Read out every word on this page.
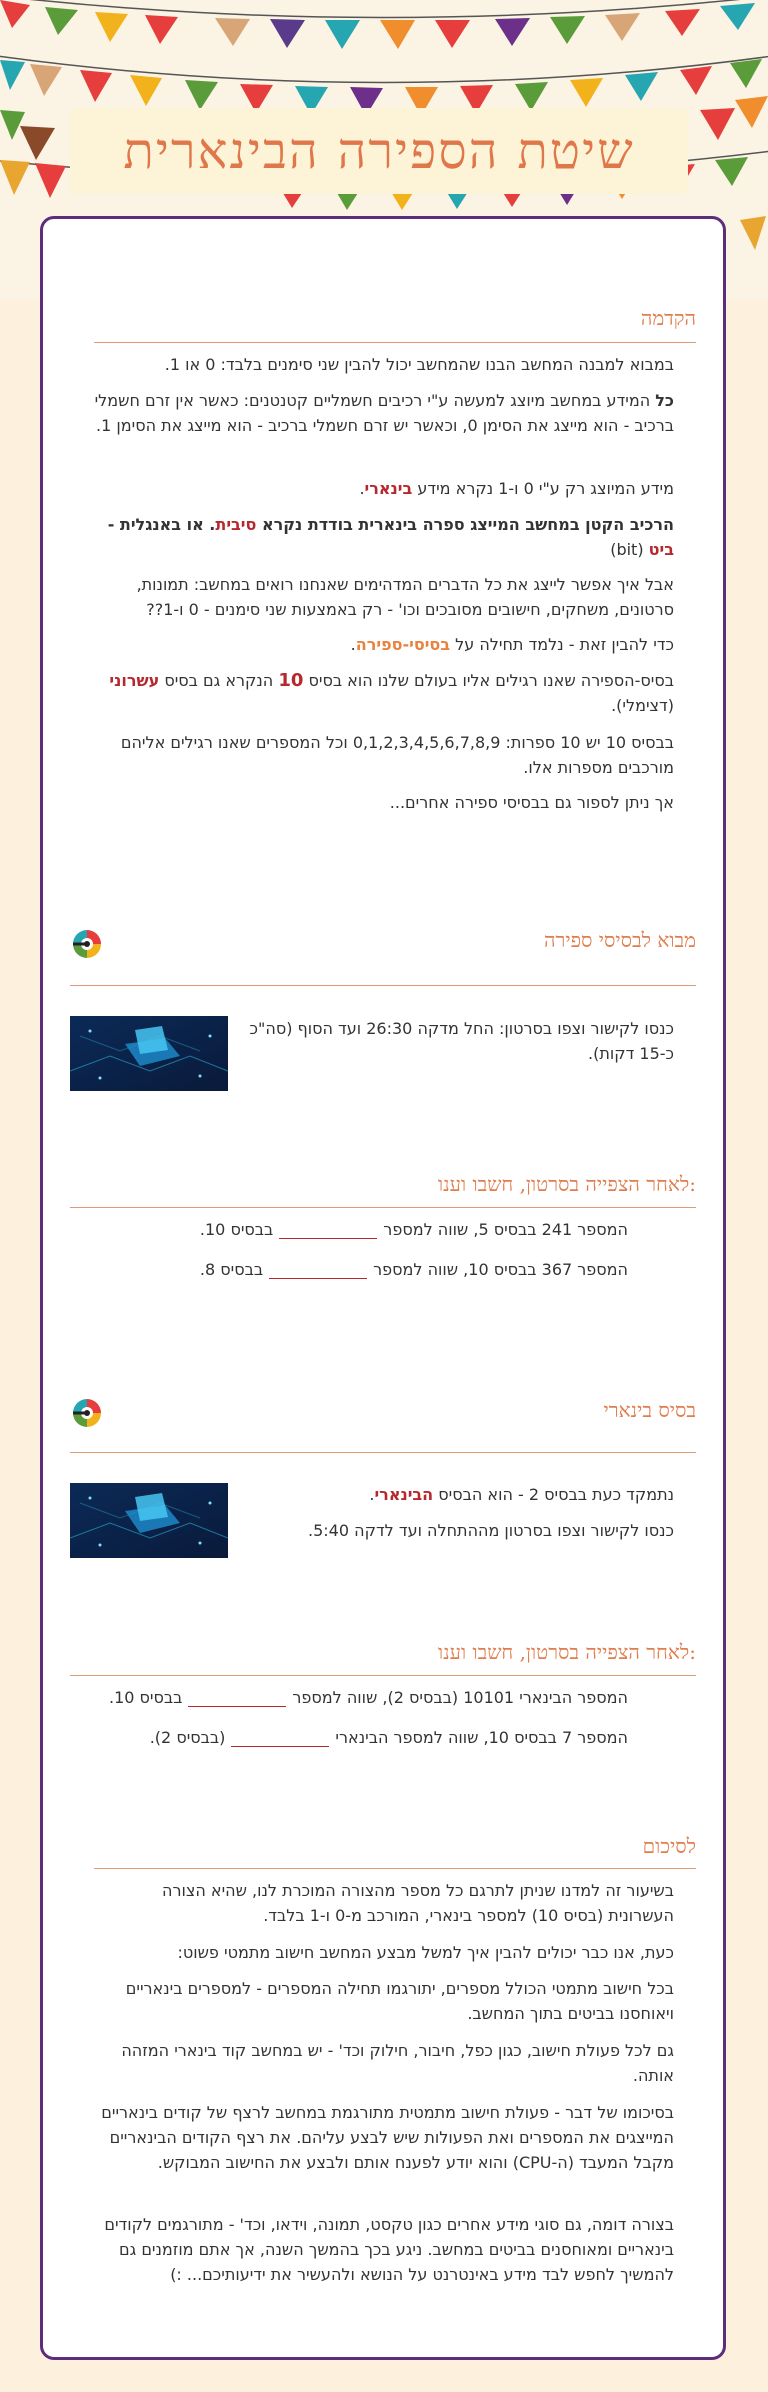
שיטת הספירה הבינארית
הקדמה
במבוא למבנה המחשב הבנו שהמחשב יכול להבין שני סימנים בלבד: 0 או 1.
כל המידע במחשב מיוצג למעשה ע"י רכיבים חשמליים קטנטנים: כאשר אין זרם חשמלי ברכיב - הוא מייצג את הסימן 0, וכאשר יש זרם חשמלי ברכיב - הוא מייצג את הסימן 1.
מידע המיוצג רק ע"י 0 ו-1 נקרא מידע בינארי.
הרכיב הקטן במחשב המייצג ספרה בינארית בודדת נקרא סיבית. או באנגלית - ביט (bit)
אבל איך אפשר לייצג את כל הדברים המדהימים שאנחנו רואים במחשב: תמונות, סרטונים, משחקים, חישובים מסובכים וכו' - רק באמצעות שני סימנים - 0 ו-1??
כדי להבין זאת - נלמד תחילה על בסיסי-ספירה.
בסיס-הספירה שאנו רגילים אליו בעולם שלנו הוא בסיס 10 הנקרא גם בסיס עשרוני (דצימלי).
בבסיס 10 יש 10 ספרות: 0,1,2,3,4,5,6,7,8,9 וכל המספרים שאנו רגילים אליהם מורכבים מספרות אלו.
אך ניתן לספור גם בבסיסי ספירה אחרים...
מבוא לבסיסי ספירה
כנסו לקישור וצפו בסרטון: החל מדקה 26:30 ועד הסוף (סה"כ כ-15 דקות).
לאחר הצפייה בסרטון, חשבו וענו:
המספר 241 בבסיס 5, שווה למספרבבסיס 10.
המספר 367 בבסיס 10, שווה למספרבבסיס 8.
בסיס בינארי
נתמקד כעת בבסיס 2 - הוא הבסיס הבינארי.
כנסו לקישור וצפו בסרטון מההתחלה ועד לדקה 5:40.
לאחר הצפייה בסרטון, חשבו וענו:
המספר הבינארי 10101 (בבסיס 2), שווה למספרבבסיס 10.
המספר 7 בבסיס 10, שווה למספר הבינארי(בבסיס 2).
לסיכום
בשיעור זה למדנו שניתן לתרגם כל מספר מהצורה המוכרת לנו, שהיא הצורה העשרונית (בסיס 10) למספר בינארי, המורכב מ-0 ו-1 בלבד.
כעת, אנו כבר יכולים להבין איך למשל מבצע המחשב חישוב מתמטי פשוט:
בכל חישוב מתמטי הכולל מספרים, יתורגמו תחילה המספרים - למספרים בינאריים ויאוחסנו בביטים בתוך המחשב.
גם לכל פעולת חישוב, כגון כפל, חיבור, חילוק וכד' - יש במחשב קוד בינארי המזהה אותה.
בסיכומו של דבר - פעולת חישוב מתמטית מתורגמת במחשב לרצף של קודים בינאריים המייצגים את המספרים ואת הפעולות שיש לבצע עליהם. את רצף הקודים הבינאריים מקבל המעבד (ה-CPU) והוא יודע לפענח אותם ולבצע את החישוב המבוקש.
בצורה דומה, גם סוגי מידע אחרים כגון טקסט, תמונה, וידאו, וכד' - מתורגמים לקודים בינאריים ומאוחסנים בביטים במחשב. ניגע בכך בהמשך השנה, אך אתם מוזמנים גם להמשיך לחפש לבד מידע באינטרנט על הנושא ולהעשיר את ידיעותיכם... :)
